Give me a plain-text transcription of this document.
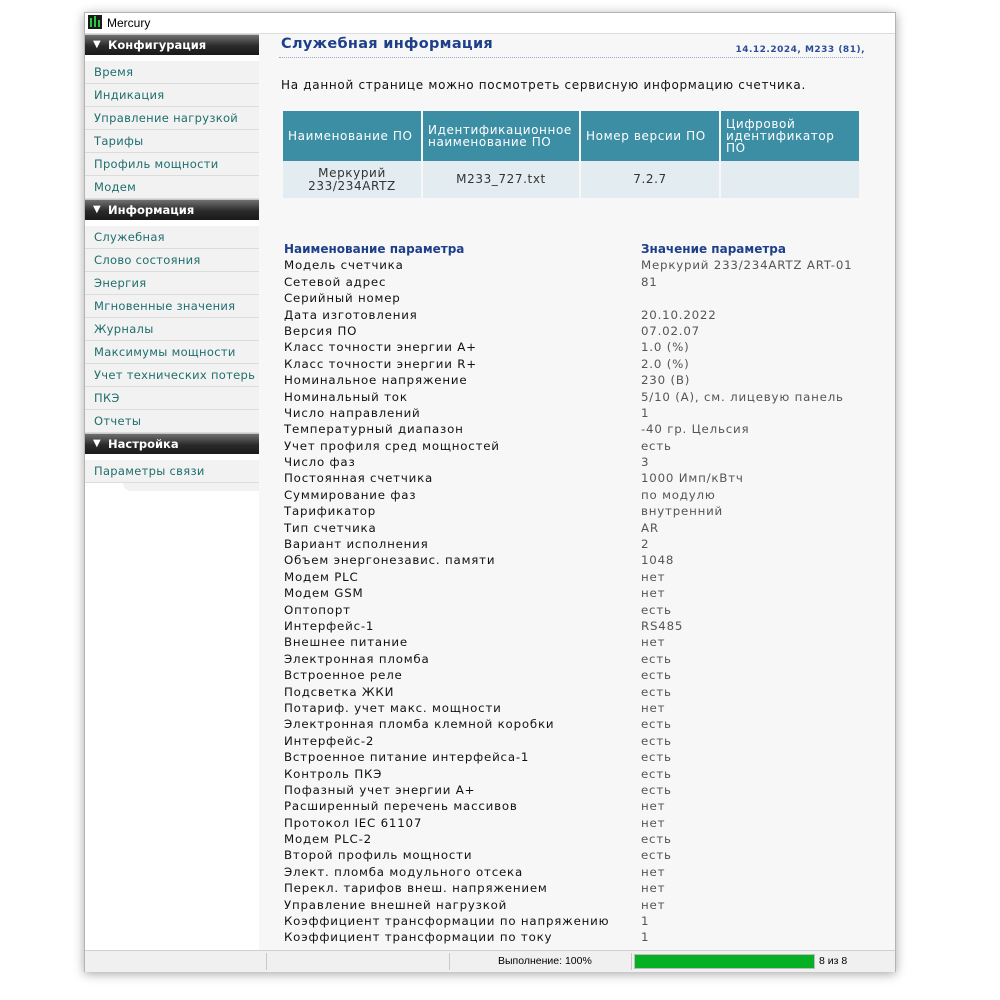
Mercury
▼ Конфигурация
Время
Индикация
Управление нагрузкой
Тарифы
Профиль мощности
Модем
▼ Информация
Служебная
Слово состояния
Энергия
Мгновенные значения
Журналы
Максимумы мощности
Учет технических потерь
ПКЭ
Отчеты
▼ Настройка
Параметры связи
Служебная информация	14.12.2024, M233 (81),
На данной странице можно посмотреть сервисную информацию счетчика.
Наименование ПО	Идентификационное наименование ПО	Номер версии ПО	Цифровой идентификатор ПО
Меркурий 233/234ARTZ	M233_727.txt	7.2.7	
Наименование параметра	Значение параметра
Модель счетчика	Меркурий 233/234ARTZ ART-01
Сетевой адрес	81
Серийный номер
Дата изготовления	20.10.2022
Версия ПО	07.02.07
Класс точности энергии А+	1.0 (%)
Класс точности энергии R+	2.0 (%)
Номинальное напряжение	230 (В)
Номинальный ток	5/10 (А), см. лицевую панель
Число направлений	1
Температурный диапазон	-40 гр. Цельсия
Учет профиля сред мощностей	есть
Число фаз	3
Постоянная счетчика	1000 Имп/кВтч
Суммирование фаз	по модулю
Тарификатор	внутренний
Тип счетчика	AR
Вариант исполнения	2
Объем энергонезавис. памяти	1048
Модем PLC	нет
Модем GSM	нет
Оптопорт	есть
Интерфейс-1	RS485
Внешнее питание	нет
Электронная пломба	есть
Встроенное реле	есть
Подсветка ЖКИ	есть
Потариф. учет макс. мощности	нет
Электронная пломба клемной коробки	есть
Интерфейс-2	есть
Встроенное питание интерфейса-1	есть
Контроль ПКЭ	есть
Пофазный учет энергии А+	есть
Расширенный перечень массивов	нет
Протокол IEC 61107	нет
Модем PLC-2	есть
Второй профиль мощности	есть
Элект. пломба модульного отсека	нет
Перекл. тарифов внеш. напряжением	нет
Управление внешней нагрузкой	нет
Коэффициент трансформации по напряжению	1
Коэффициент трансформации по току	1
Выполнение: 100%	8 из 8
